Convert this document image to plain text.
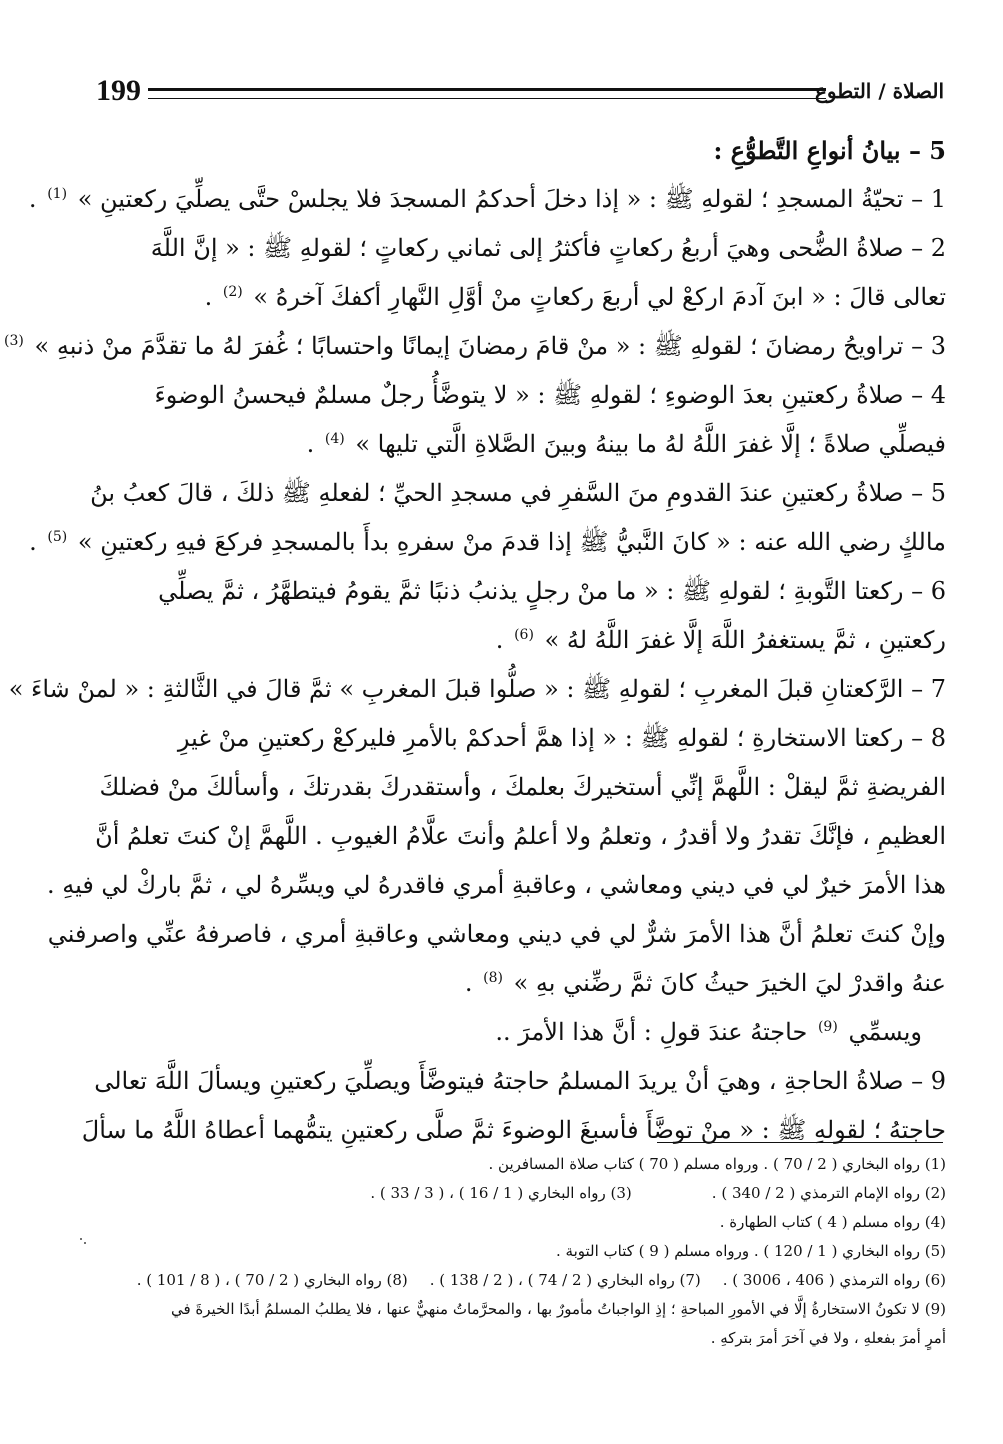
199	الصلاة / التطوع
5 – بيانُ أنواعِ التَّطوُّعِ :
1 – تحيّةُ المسجدِ ؛ لقولهِ ﷺ : « إذا دخلَ أحدكمُ المسجدَ فلا يجلسْ حتَّى يصلِّيَ ركعتينِ » $^{(1)}$ .
2 – صلاةُ الضُّحى وهيَ أربعُ ركعاتٍ فأكثرُ إلى ثماني ركعاتٍ ؛ لقولهِ ﷺ : « إنَّ اللَّهَ
تعالى قالَ : « ابنَ آدمَ اركعْ لي أربعَ ركعاتٍ منْ أوَّلِ النَّهارِ أكفكَ آخرهُ » $^{(2)}$ .
3 – تراويحُ رمضانَ ؛ لقولهِ ﷺ : « منْ قامَ رمضانَ إيمانًا واحتسابًا ؛ غُفرَ لهُ ما تقدَّمَ منْ ذنبهِ » $^{(3)}$
4 – صلاةُ ركعتينِ بعدَ الوضوءِ ؛ لقولهِ ﷺ : « لا يتوضَّأُ رجلٌ مسلمٌ فيحسنُ الوضوءَ
فيصلِّي صلاةً ؛ إلَّا غفرَ اللَّهُ لهُ ما بينهُ وبينَ الصَّلاةِ الَّتي تليها » $^{(4)}$ .
5 – صلاةُ ركعتينِ عندَ القدومِ منَ السَّفرِ في مسجدِ الحيِّ ؛ لفعلهِ ﷺ ذلكَ ، قالَ كعبُ بنُ
مالكٍ رضي الله عنه : « كانَ النَّبيُّ ﷺ إذا قدمَ منْ سفرهِ بدأَ بالمسجدِ فركعَ فيهِ ركعتينِ » $^{(5)}$ .
6 – ركعتا التَّوبةِ ؛ لقولهِ ﷺ : « ما منْ رجلٍ يذنبُ ذنبًا ثمَّ يقومُ فيتطهَّرُ ، ثمَّ يصلِّي
ركعتينِ ، ثمَّ يستغفرُ اللَّهَ إلَّا غفرَ اللَّهُ لهُ » $^{(6)}$ .
7 – الرَّكعتانِ قبلَ المغربِ ؛ لقولهِ ﷺ : « صلُّوا قبلَ المغربِ » ثمَّ قالَ في الثَّالثةِ : « لمنْ شاءَ »
8 – ركعتا الاستخارةِ ؛ لقولهِ ﷺ : « إذا همَّ أحدكمْ بالأمرِ فليركعْ ركعتينِ منْ غيرِ
الفريضةِ ثمَّ ليقلْ : اللَّهمَّ إنِّي أستخيركَ بعلمكَ ، وأستقدركَ بقدرتكَ ، وأسألكَ منْ فضلكَ
العظيمِ ، فإنَّكَ تقدرُ ولا أقدرُ ، وتعلمُ ولا أعلمُ وأنتَ علَّامُ الغيوبِ . اللَّهمَّ إنْ كنتَ تعلمُ أنَّ
هذا الأمرَ خيرٌ لي في ديني ومعاشي ، وعاقبةِ أمري فاقدرهُ لي ويسِّرهُ لي ، ثمَّ باركْ لي فيهِ .
وإنْ كنتَ تعلمُ أنَّ هذا الأمرَ شرٌّ لي في ديني ومعاشي وعاقبةِ أمري ، فاصرفهُ عنِّي واصرفني
عنهُ واقدرْ ليَ الخيرَ حيثُ كانَ ثمَّ رضِّني بهِ » $^{(8)}$ .
ويسمِّي $^{(9)}$ حاجتهُ عندَ قولِ : أنَّ هذا الأمرَ ..
9 – صلاةُ الحاجةِ ، وهيَ أنْ يريدَ المسلمُ حاجتهُ فيتوضَّأَ ويصلِّيَ ركعتينِ ويسألَ اللَّهَ تعالى
حاجتهُ ؛ لقولهِ ﷺ : « منْ توضَّأَ فأسبغَ الوضوءَ ثمَّ صلَّى ركعتينِ يتمُّهما أعطاهُ اللَّهُ ما سألَ
(1) رواه البخاري ( 2 / 70 ) . ورواه مسلم ( 70 ) كتاب صلاة المسافرين .
(2) رواه الإمام الترمذي ( 2 / 340 ) .(3) رواه البخاري ( 1 / 16 ) ، ( 3 / 33 ) .
(4) رواه مسلم ( 4 ) كتاب الطهارة .
(5) رواه البخاري ( 1 / 120 ) . ورواه مسلم ( 9 ) كتاب التوبة .
(6) رواه الترمذي ( 406 ، 3006 ) .(7) رواه البخاري ( 2 / 74 ) ، ( 2 / 138 ) .(8) رواه البخاري ( 2 / 70 ) ، ( 8 / 101 ) .
(9) لا تكونُ الاستخارةُ إلَّا في الأمورِ المباحةِ ؛ إذِ الواجباتُ مأمورٌ بها ، والمحرَّماتُ منهيٌّ عنها ، فلا يطلبُ المسلمُ أبدًا الخيرةَ في
أمرٍ أمرَ بفعلهِ ، ولا في آخرَ أمرَ بتركهِ .
